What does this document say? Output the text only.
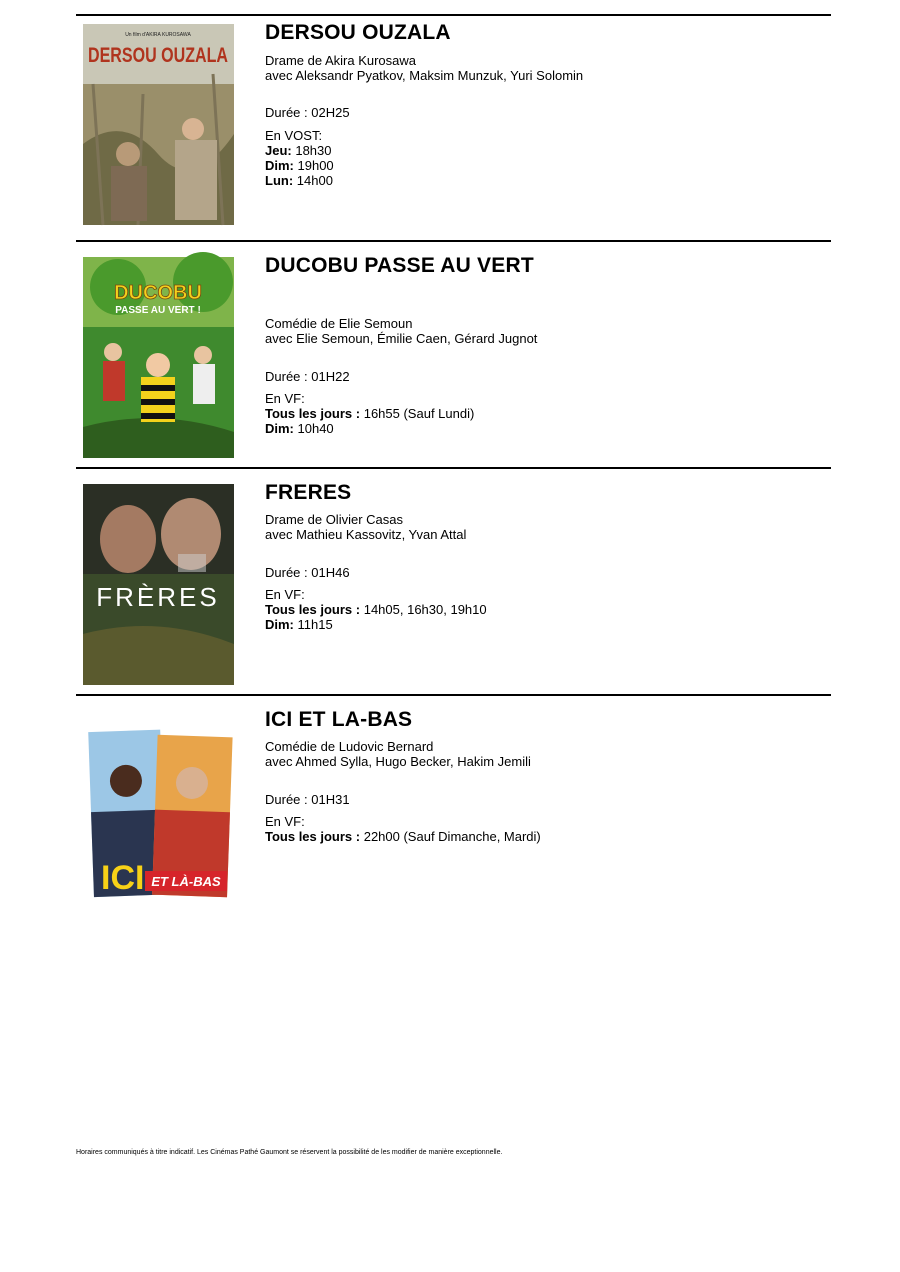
Un film d'AKIRA KUROSAWA
DERSOU OUZALA
DERSOU OUZALA
Drame de Akira Kurosawa
avec Aleksandr Pyatkov, Maksim Munzuk, Yuri Solomin
Durée : 02H25
En VOST:
Jeu: 18h30
Dim: 19h00
Lun: 14h00
DUCOBU
PASSE AU VERT !
DUCOBU PASSE AU VERT
Comédie de Elie Semoun
avec Elie Semoun, Émilie Caen, Gérard Jugnot
Durée : 01H22
En VF:
Tous les jours : 16h55 (Sauf Lundi)
Dim: 10h40
FRÈRES
FRERES
Drame de Olivier Casas
avec Mathieu Kassovitz, Yvan Attal
Durée : 01H46
En VF:
Tous les jours : 14h05, 16h30, 19h10
Dim: 11h15
ICI ET LÀ-BAS
ICI ET LA-BAS
Comédie de Ludovic Bernard
avec Ahmed Sylla, Hugo Becker, Hakim Jemili
Durée : 01H31
En VF:
Tous les jours : 22h00 (Sauf Dimanche, Mardi)
Horaires communiqués à titre indicatif. Les Cinémas Pathé Gaumont se réservent la possibilité de les modifier de manière exceptionnelle.
